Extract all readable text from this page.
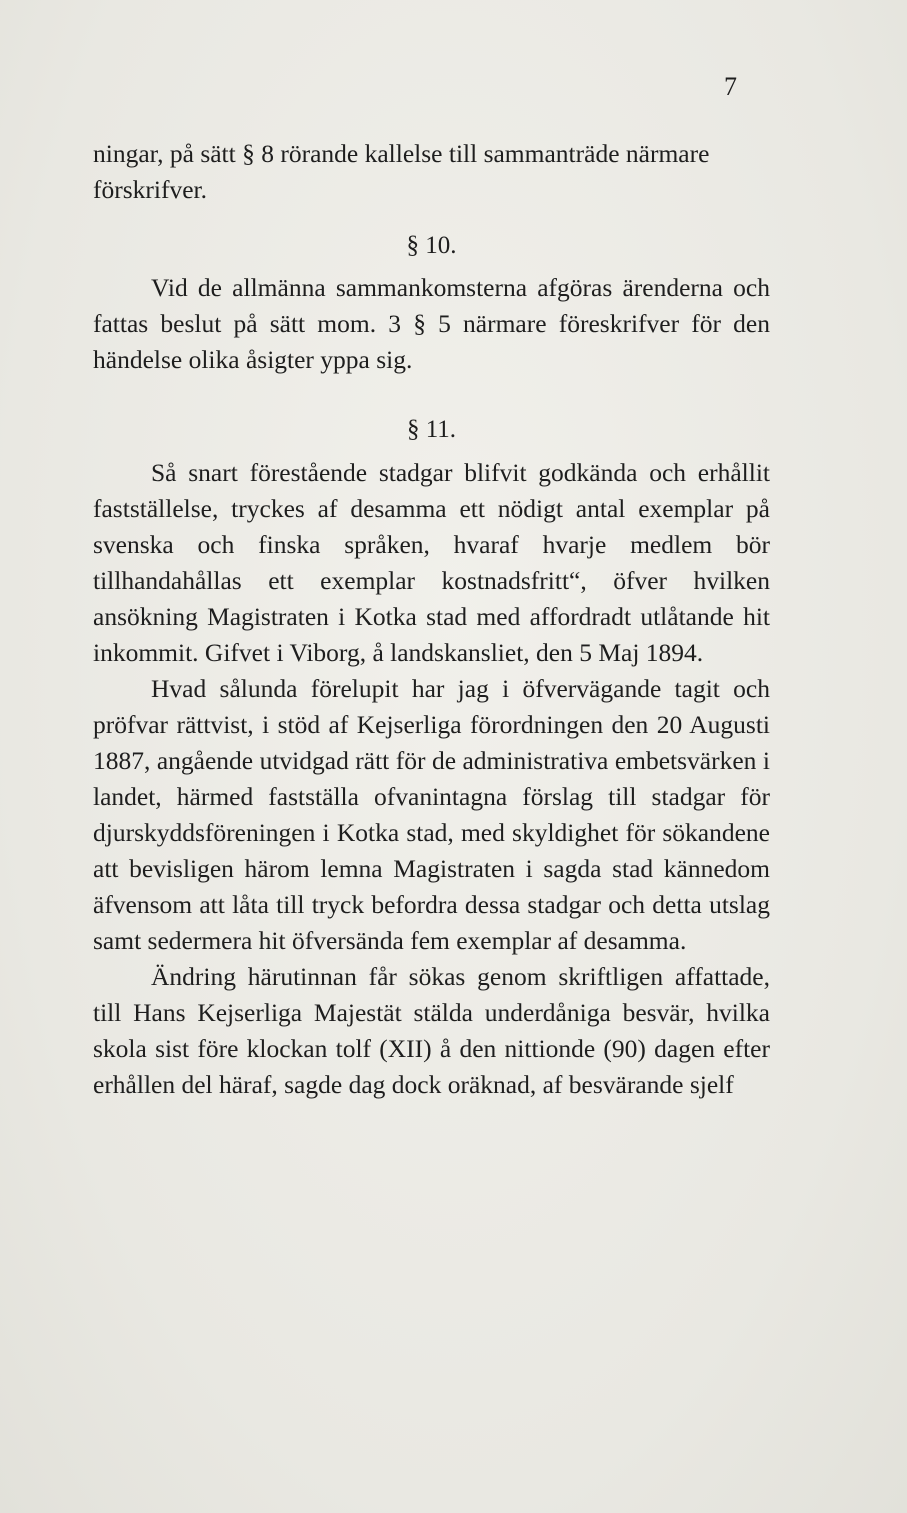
7

ningar, på sätt § 8 rörande kallelse till sammanträde närmare förskrifver.

§ 10.

Vid de allmänna sammankomsterna afgöras ärenderna och fattas beslut på sätt mom. 3 § 5 närmare föreskrifver för den händelse olika åsigter yppa sig.

§ 11.

Så snart förestående stadgar blifvit godkända och erhållit fastställelse, tryckes af desamma ett nödigt antal exemplar på svenska och finska språken, hvaraf hvarje medlem bör tillhandahållas ett exemplar kostnadsfritt“, öfver hvilken ansökning Magistraten i Kotka stad med affordradt utlåtande hit inkommit. Gifvet i Viborg, å landskansliet, den 5 Maj 1894.

Hvad sålunda förelupit har jag i öfvervägande tagit och pröfvar rättvist, i stöd af Kejserliga förordningen den 20 Augusti 1887, angående utvidgad rätt för de administrativa embetsvärken i landet, härmed fastställa ofvanintagna förslag till stadgar för djurskyddsföreningen i Kotka stad, med skyldighet för sökandene att bevisligen härom lemna Magistraten i sagda stad kännedom äfvensom att låta till tryck befordra dessa stadgar och detta utslag samt sedermera hit öfversända fem exemplar af desamma.

Ändring härutinnan får sökas genom skriftligen affattade, till Hans Kejserliga Majestät stälda underdåniga besvär, hvilka skola sist före klockan tolf (XII) å den nittionde (90) dagen efter erhållen del häraf, sagde dag dock oräknad, af besvärande sjelf
